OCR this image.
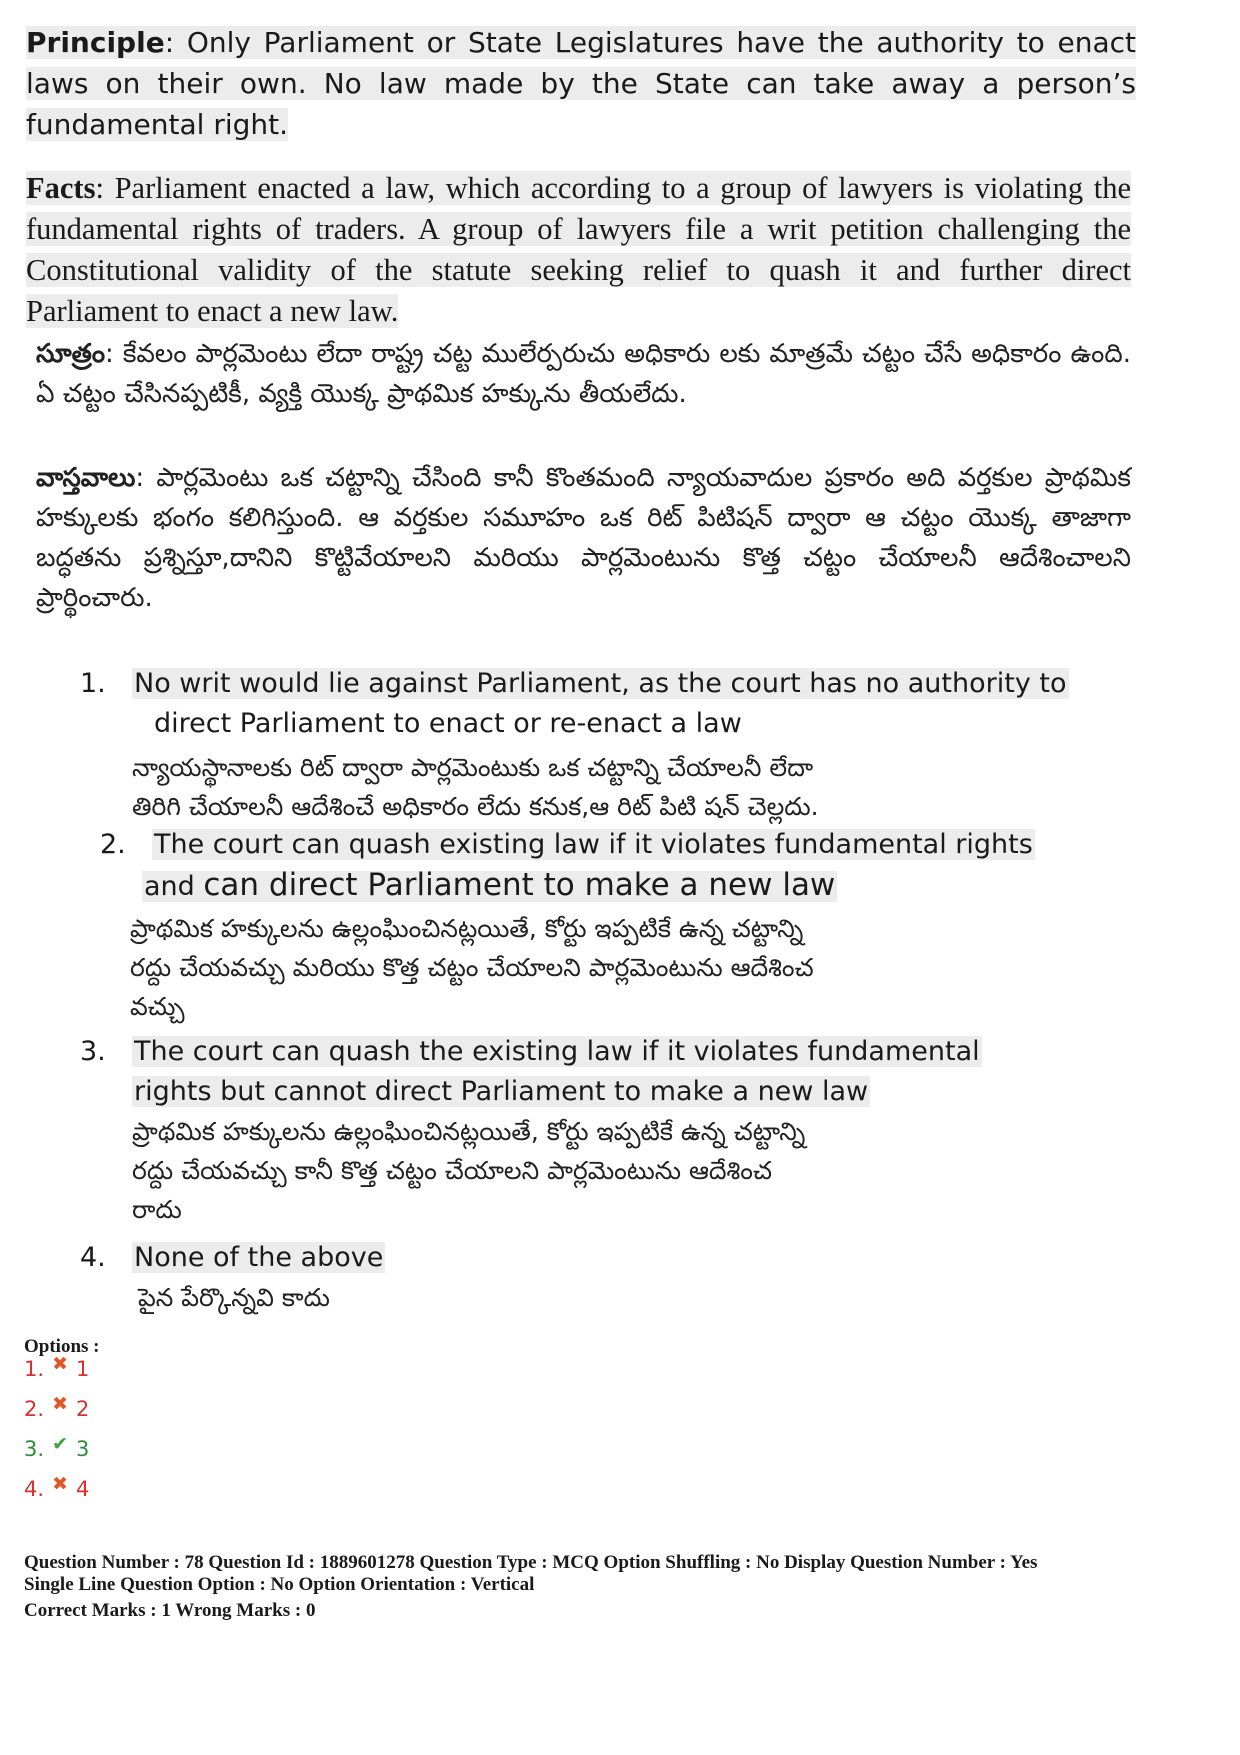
Principle: Only Parliament or State Legislatures have the authority to enact laws on their own. No law made by the State can take away a person’s fundamental right.
Facts: Parliament enacted a law, which according to a group of lawyers is violating the fundamental rights of traders. A group of lawyers file a writ petition challenging the Constitutional validity of the statute seeking relief to quash it and further direct Parliament to enact a new law.
సూత్రం: కేవలం పార్లమెంటు లేదా రాష్ట్ర చట్ట ములేర్పరుచు అధికారు లకు మాత్రమే చట్టం చేసే అధికారం ఉంది. ఏ చట్టం చేసినప్పటికీ, వ్యక్తి యొక్క ప్రాథమిక హక్కును తీయలేదు.
వాస్తవాలు: పార్లమెంటు ఒక చట్టాన్ని చేసింది కానీ కొంతమంది న్యాయవాదుల ప్రకారం అది వర్తకుల ప్రాథమిక హక్కులకు భంగం కలిగిస్తుంది. ఆ వర్తకుల సమూహం ఒక రిట్ పిటిషన్ ద్వారా ఆ చట్టం యొక్క తాజాగా బద్ధతను ప్రశ్నిస్తూ,దానిని కొట్టివేయాలని మరియు పార్లమెంటును కొత్త చట్టం చేయాలనీ ఆదేశించాలని ప్రార్థించారు.
1. No writ would lie against Parliament, as the court has no authority to
direct Parliament to enact or re-enact a law
న్యాయస్థానాలకు రిట్ ద్వారా పార్లమెంటుకు ఒక చట్టాన్ని చేయాలనీ లేదా
తిరిగి చేయాలనీ ఆదేశించే అధికారం లేదు కనుక,ఆ రిట్ పిటి షన్ చెల్లదు.
2. The court can quash existing law if it violates fundamental rights
and can direct Parliament to make a new law
ప్రాథమిక హక్కులను ఉల్లంఘించినట్లయితే, కోర్టు ఇప్పటికే ఉన్న చట్టాన్ని
రద్దు చేయవచ్చు మరియు కొత్త చట్టం చేయాలని పార్లమెంటును ఆదేశించ
వచ్చు
3. The court can quash the existing law if it violates fundamental
rights but cannot direct Parliament to make a new law
ప్రాథమిక హక్కులను ఉల్లంఘించినట్లయితే, కోర్టు ఇప్పటికే ఉన్న చట్టాన్ని
రద్దు చేయవచ్చు కానీ కొత్త చట్టం చేయాలని పార్లమెంటును ఆదేశించ
రాదు
4. None of the above
పైన పేర్కొన్నవి కాదు
Options :
1. ✖ 1
2. ✖ 2
3. ✔ 3
4. ✖ 4
Question Number : 78 Question Id : 1889601278 Question Type : MCQ Option Shuffling : No Display Question Number : Yes
Single Line Question Option : No Option Orientation : Vertical
Correct Marks : 1 Wrong Marks : 0
